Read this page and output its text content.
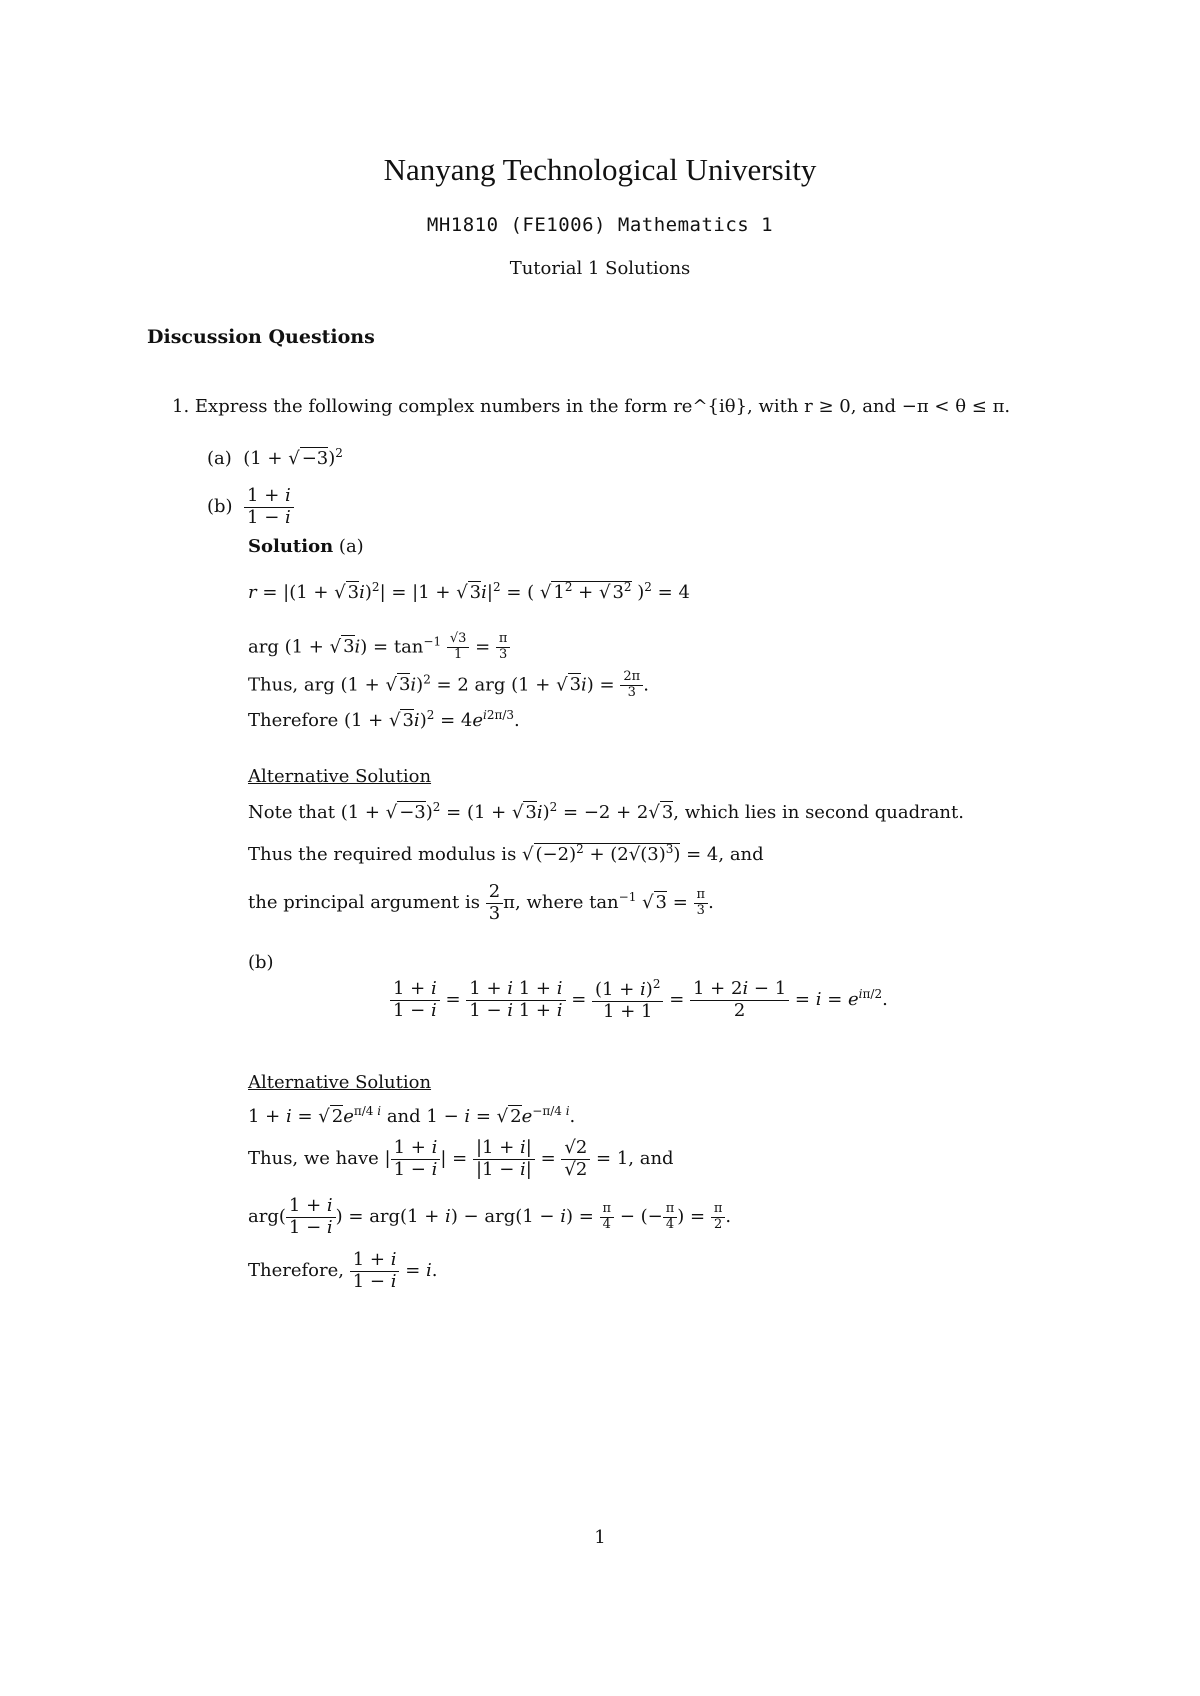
Nanyang Technological University
MH1810 (FE1006) Mathematics 1
Tutorial 1 Solutions
Discussion Questions
1. Express the following complex numbers in the form re^{iθ}, with r ≥ 0, and −π < θ ≤ π.
(a)  (1 + √ −3)$^2$
$(b) \frac{1 + i}{1 - i}$
Solution (a)
r = |(1 + √ 3i)$^2$| = |1 + √ $3i|^2$ = ( √ $1^2$ + √ $3^2$ )$^2$ = 4
arg (1 + √ $3i) = \tan^{-1} \frac{√3}{1} = \frac{\pi}{3}$
Thus, arg (1 + √ 3i)$^2$ = 2 arg (1 + √ $3i) = \frac{2\pi}{3}$ .
Therefore (1 + √ $3i)^2 = 4e^{i2\pi/3}$.
Alternative Solution
Note that (1 + √ −3)$^2$ = (1 + √ 3i)$^2$ = −2 + 2√ 3, which lies in second quadrant.
Thus the required modulus is √ $(-2)^2 + (2√(3)^3) = 4$, and
the principal argument is $\frac{2}{3} \pi$, where $\tan^{-1}$ √ $3 = \frac{\pi}{3}$ .
(b)
$\frac{1 + i}{1 - i} = \frac{1 + i 1 + i}{1 - i 1 + i} = \frac{(1 + i)^2}{1 + 1} = \frac{1 + 2i - 1}{2} = i = e^{i\pi/2}$.
Alternative Solution
1 + i = √ $2e^{\pi/4 i}$ and 1 − i = √ $2e^{-\pi/4 i}$.
Thus, we have | $\frac{1 + i}{1 - i}$ | = $\frac{|1 + i|}{|1 - i|} = \frac{√2}{√2} = 1$, and
$arg( \frac{1 + i}{1 - i}$ ) = $arg(1 + i) - arg(1 - i) = \frac{\pi}{4}$ − (− $\frac{\pi}{4}$ ) = $\frac{\pi}{2}$ .
Therefore, $\frac{1 + i}{1 - i} = i$.
1
